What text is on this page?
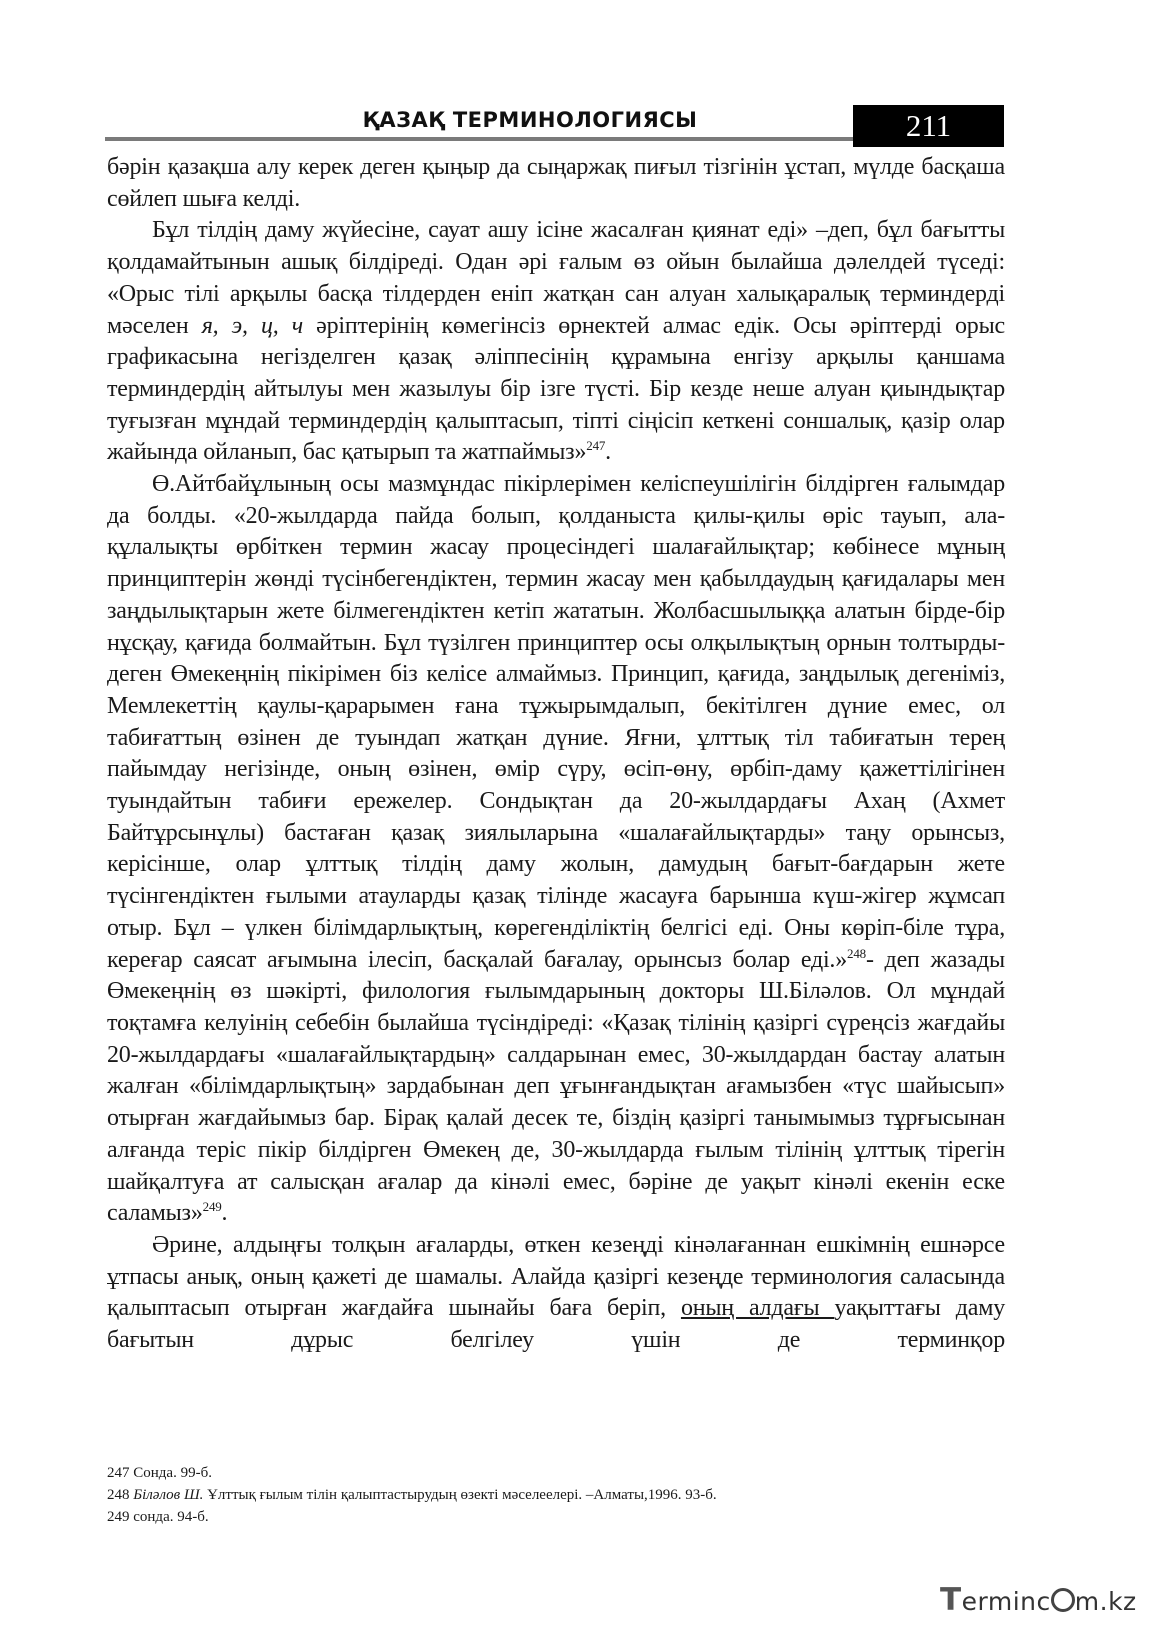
ҚАЗАҚ ТЕРМИНОЛОГИЯСЫ	211

бәрін қазақша алу керек деген қыңыр да сыңаржақ пиғыл тізгінін ұстап, мүлде басқаша сөйлеп шыға келді.

Бұл тілдің даму жүйесіне, сауат ашу ісіне жасалған қиянат еді» –деп, бұл бағытты қолдамайтынын ашық білдіреді. Одан әрі ғалым өз ойын былайша дәлелдей түседі: «Орыс тілі арқылы басқа тілдерден еніп жатқан сан алуан халықаралық терминдерді мәселен я, э, ц, ч әріптерінің көмегінсіз өрнектей алмас едік. Осы әріптерді орыс графикасына негізделген қазақ әліппесінің құрамына енгізу арқылы қаншама терминдердің айтылуы мен жазылуы бір ізге түсті. Бір кезде неше алуан қиындықтар туғызған мұндай терминдердің қалыптасып, тіпті сіңісіп кеткені соншалық, қазір олар жайында ойланып, бас қатырып та жатпаймыз»$^{247}$.

Ө.Айтбайұлының осы мазмұндас пікірлерімен келіспеушілігін білдірген ғалымдар да болды. «20-жылдарда пайда болып, қолданыста қилы-қилы өріс тауып, ала-құлалықты өрбіткен термин жасау процесіндегі шалағайлықтар; көбінесе мұның принциптерін жөнді түсінбегендіктен, термин жасау мен қабылдаудың қағидалары мен заңдылықтарын жете білмегендіктен кетіп жататын. Жолбасшылыққа алатын бірде-бір нұсқау, қағида болмайтын. Бұл түзілген принциптер осы олқылықтың орнын толтырды- деген Өмекеңнің пікірімен біз келісе алмаймыз. Принцип, қағида, заңдылық дегеніміз, Мемлекеттің қаулы-қарарымен ғана тұжырымдалып, бекітілген дүние емес, ол табиғаттың өзінен де туындап жатқан дүние. Яғни, ұлттық тіл табиғатын терең пайымдау негізінде, оның өзінен, өмір сүру, өсіп-өну, өрбіп-даму қажеттілігінен туындайтын табиғи ережелер. Сондықтан да 20-жылдардағы Ахаң (Ахмет Байтұрсынұлы) бастаған қазақ зиялыларына «шалағайлықтарды» таңу орынсыз, керісінше, олар ұлттық тілдің даму жолын, дамудың бағыт-бағдарын жете түсінгендіктен ғылыми атауларды қазақ тілінде жасауға барынша күш-жігер жұмсап отыр. Бұл – үлкен білімдарлықтың, көрегенділіктің белгісі еді. Оны көріп-біле тұра, кереғар саясат ағымына ілесіп, басқалай бағалау, орынсыз болар еді.»$^{248}$- деп жазады Өмекеңнің өз шәкірті, филология ғылымдарының докторы Ш.Біләлов. Ол мұндай тоқтамға келуінің себебін былайша түсіндіреді: «Қазақ тілінің қазіргі сүреңсіз жағдайы 20-жылдардағы «шалағайлықтардың» салдарынан емес, 30-жылдардан бастау алатын жалған «білімдарлықтың» зардабынан деп ұғынғандықтан ағамызбен «түс шайысып» отырған жағдайымыз бар. Бірақ қалай десек те, біздің қазіргі танымымыз тұрғысынан алғанда теріс пікір білдірген Өмекең де, 30-жылдарда ғылым тілінің ұлттық тірегін шайқалтуға ат салысқан ағалар да кінәлі емес, бәріне де уақыт кінәлі екенін еске саламыз»$^{249}$.

Әрине, алдыңғы толқын ағаларды, өткен кезеңді кінәлағаннан ешкімнің ешнәрсе ұтпасы анық, оның қажеті де шамалы. Алайда қазіргі кезеңде терминология саласында қалыптасып отырған жағдайға шынайы баға беріп, оның алдағы уақыттағы даму бағытын дұрыс белгілеу үшін де терминқор

247 Сонда. 99-б.
248 Біләлов Ш. Ұлттық ғылым тілін қалыптастырудың өзекті мәселеелері. –Алматы,1996. 93-б.
249 сонда. 94-б.
Terminc m.kz
